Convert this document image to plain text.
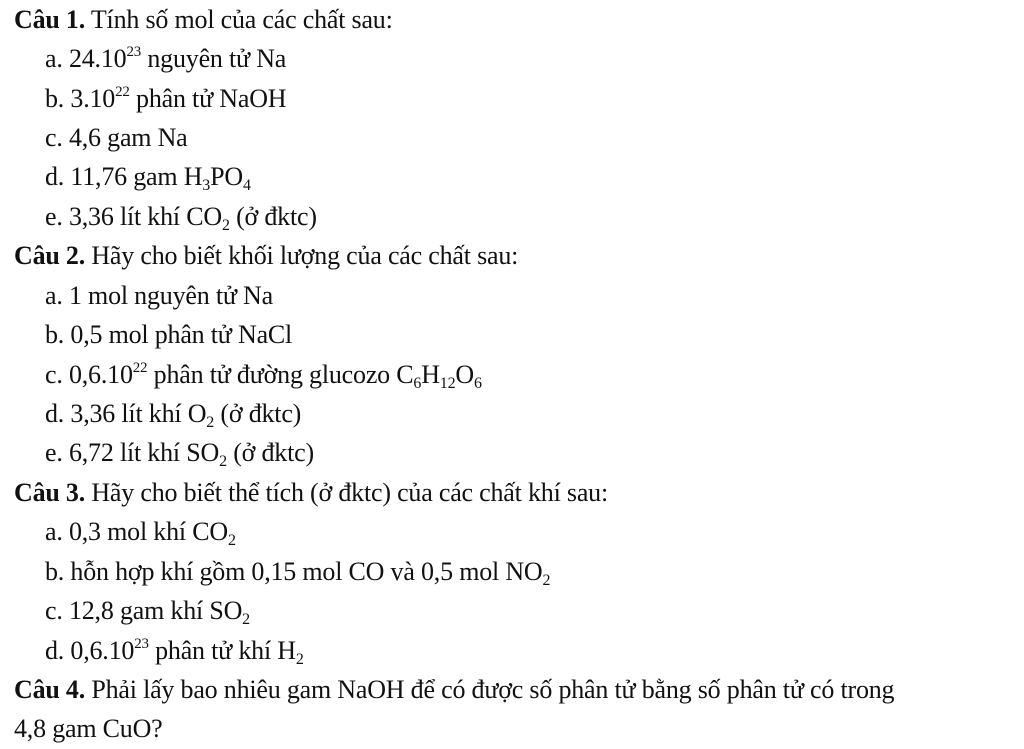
Câu 1. Tính số mol của các chất sau:
a. 24.10$^{23}$ nguyên tử Na
b. 3.10$^{22}$ phân tử NaOH
c. 4,6 gam Na
d. 11,76 gam $H_3PO_4$
e. 3,36 lít khí $CO_2$ (ở đktc)
Câu 2. Hãy cho biết khối lượng của các chất sau:
a. 1 mol nguyên tử Na
b. 0,5 mol phân tử NaCl
c. 0,6.10$^{22}$ phân tử đường glucozo $C_6H_{12}O_6$
d. 3,36 lít khí $O_2$ (ở đktc)
e. 6,72 lít khí $SO_2$ (ở đktc)
Câu 3. Hãy cho biết thể tích (ở đktc) của các chất khí sau:
a. 0,3 mol khí $CO_2$
b. hỗn hợp khí gồm 0,15 mol CO và 0,5 mol $NO_2$
c. 12,8 gam khí $SO_2$
d. 0,6.10$^{23}$ phân tử khí $H_2$
Câu 4. Phải lấy bao nhiêu gam NaOH để có được số phân tử bằng số phân tử có trong
4,8 gam CuO?
